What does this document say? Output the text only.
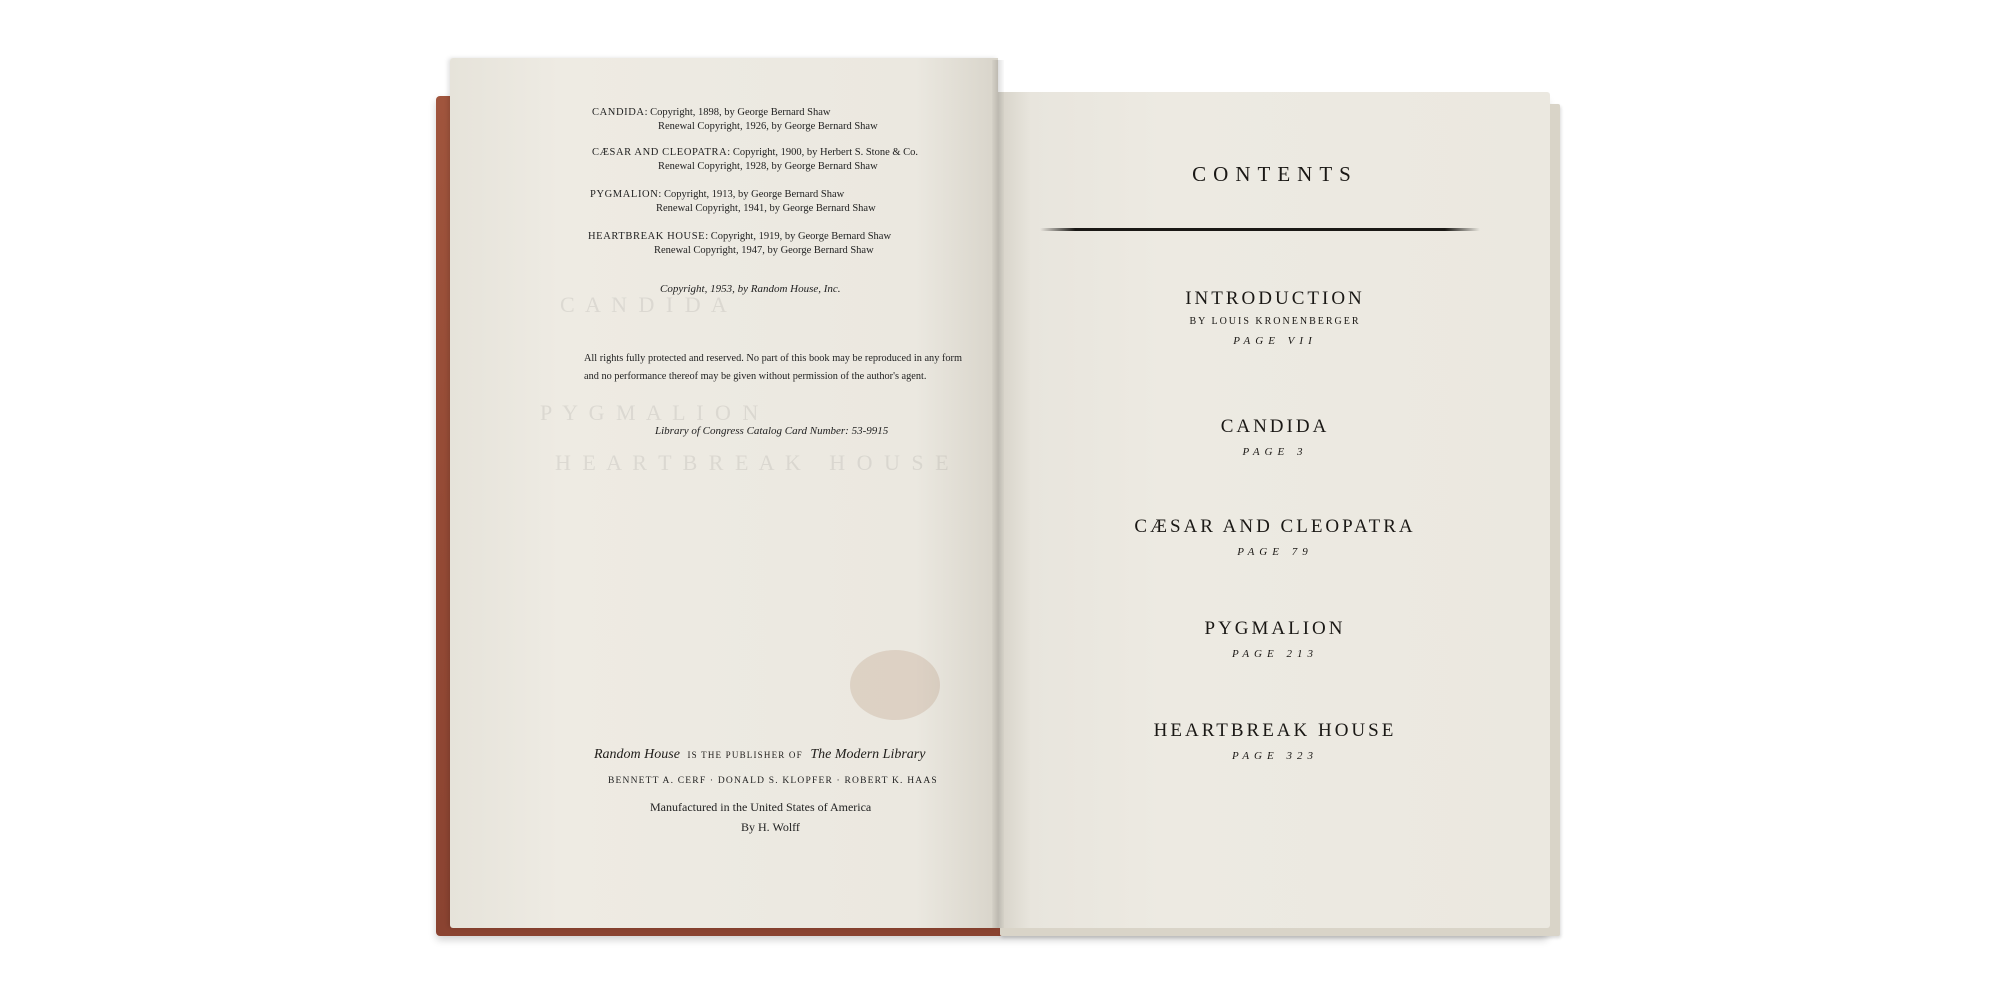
C A N D I D A
P Y G M A L I O N
H E A R T B R E A K   H O U S E
CANDIDA: Copyright, 1898, by George Bernard Shaw
Renewal Copyright, 1926, by George Bernard Shaw
CÆSAR AND CLEOPATRA: Copyright, 1900, by Herbert S. Stone & Co.
Renewal Copyright, 1928, by George Bernard Shaw
PYGMALION: Copyright, 1913, by George Bernard Shaw
Renewal Copyright, 1941, by George Bernard Shaw
HEARTBREAK HOUSE: Copyright, 1919, by George Bernard Shaw
Renewal Copyright, 1947, by George Bernard Shaw
Copyright, 1953, by Random House, Inc.
All rights fully protected and reserved. No part of this book may be reproduced in any form and no performance thereof may be given without permission of the author's agent.
Library of Congress Catalog Card Number: 53-9915
Random House IS THE PUBLISHER OF The Modern Library
BENNETT A. CERF · DONALD S. KLOPFER · ROBERT K. HAAS
Manufactured in the United States of America
By H. Wolff
CONTENTS
INTRODUCTION
BY LOUIS KRONENBERGER
PAGE VII
CANDIDA
PAGE 3
CÆSAR AND CLEOPATRA
PAGE 79
PYGMALION
PAGE 213
HEARTBREAK HOUSE
PAGE 323
